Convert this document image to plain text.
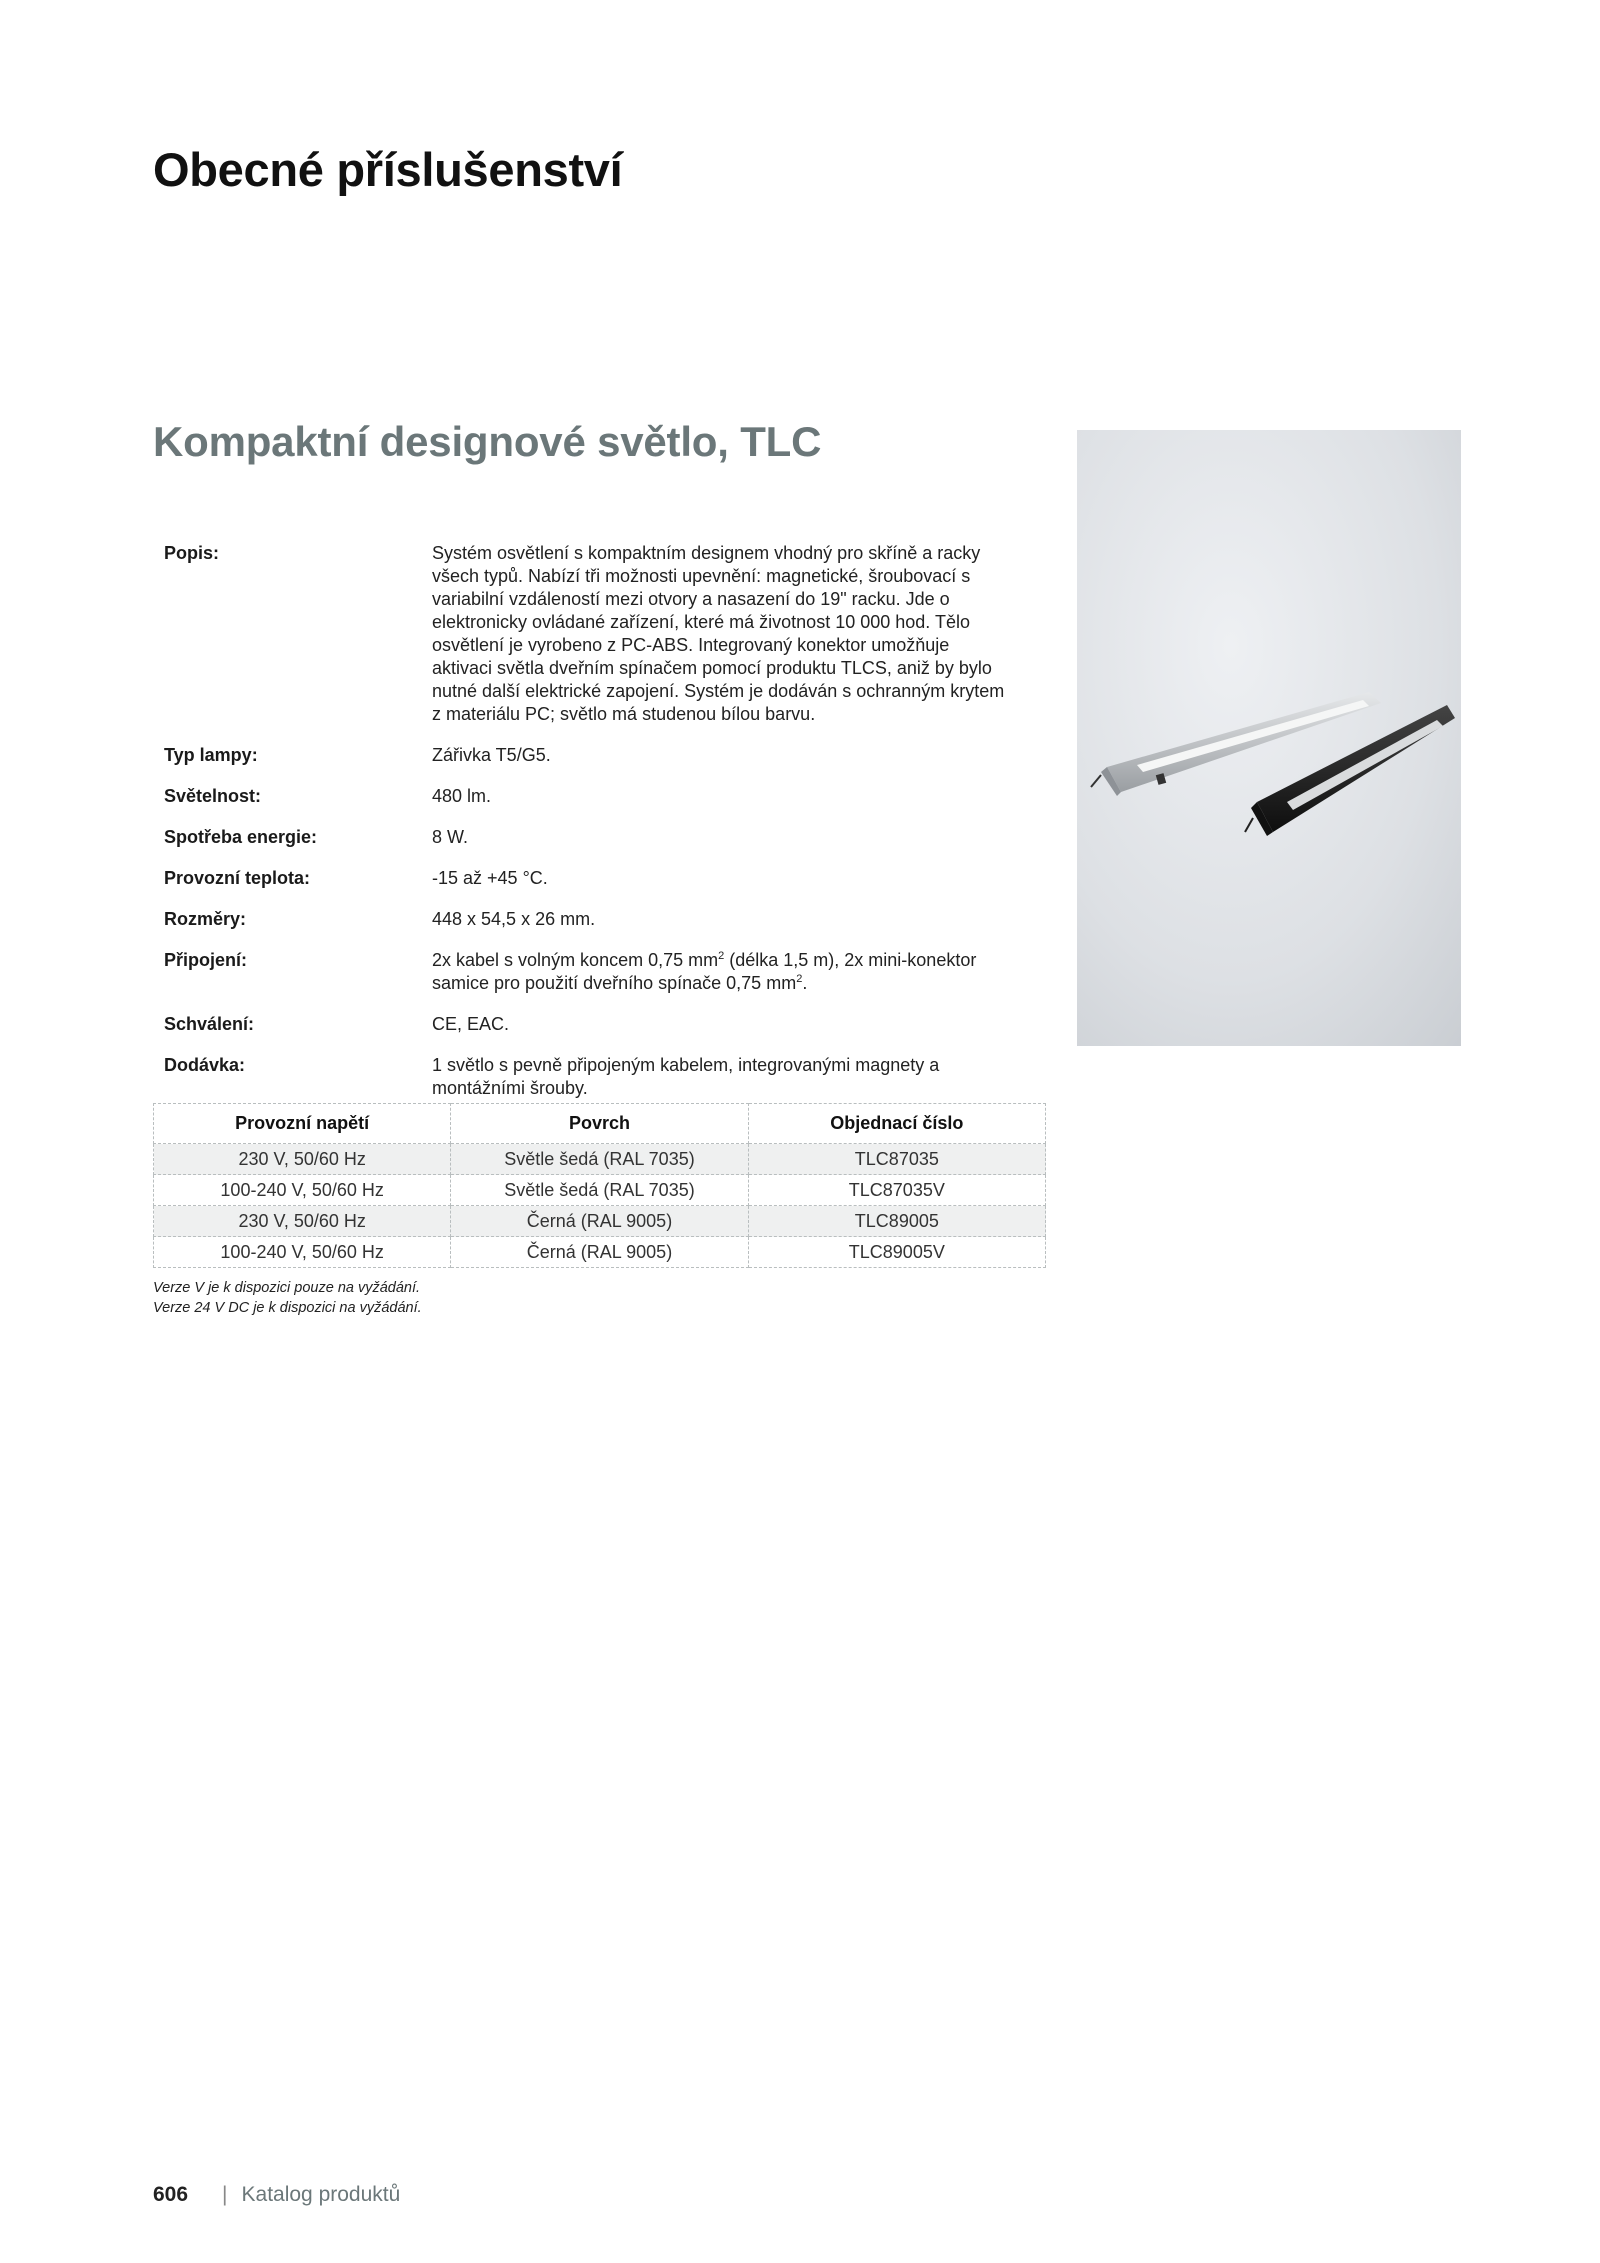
Obecné příslušenství
Kompaktní designové světlo, TLC
Popis:	Systém osvětlení s kompaktním designem vhodný pro skříně a racky všech typů. Nabízí tři možnosti upevnění: magnetické, šroubovací s variabilní vzdáleností mezi otvory a nasazení do 19" racku. Jde o elektronicky ovládané zařízení, které má životnost 10 000 hod. Tělo osvětlení je vyrobeno z PC-ABS. Integrovaný konektor umožňuje aktivaci světla dveřním spínačem pomocí produktu TLCS, aniž by bylo nutné další elektrické zapojení. Systém je dodáván s ochranným krytem z materiálu PC; světlo má studenou bílou barvu.
Typ lampy:	Zářivka T5/G5.
Světelnost:	480 lm.
Spotřeba energie:	8 W.
Provozní teplota:	-15 až +45 °C.
Rozměry:	448 x 54,5 x 26 mm.
Připojení:	2x kabel s volným koncem 0,75 $mm^2$ (délka 1,5 m), 2x mini-konektor samice pro použití dveřního spínače 0,75 $mm^2$.
Schválení:	CE, EAC.
Dodávka:	1 světlo s pevně připojeným kabelem, integrovanými magnety a montážními šrouby.
Provozní napětí	Povrch	Objednací číslo
230 V, 50/60 Hz	Světle šedá (RAL 7035)	TLC87035
100-240 V, 50/60 Hz	Světle šedá (RAL 7035)	TLC87035V
230 V, 50/60 Hz	Černá (RAL 9005)	TLC89005
100-240 V, 50/60 Hz	Černá (RAL 9005)	TLC89005V
Verze V je k dispozici pouze na vyžádání.
Verze 24 V DC je k dispozici na vyžádání.
606 | Katalog produktů
